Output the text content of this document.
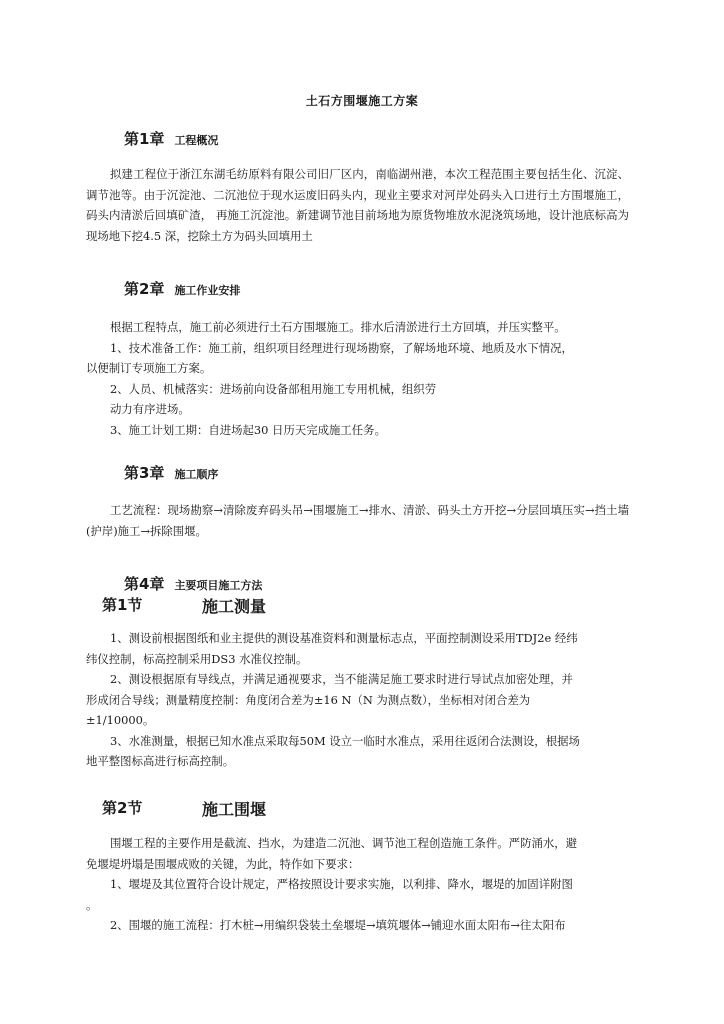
土石方围堰施工方案
第1章 工程概况

拟建工程位于浙江东湖毛纺原料有限公司旧厂区内，南临湖州港，本次工程范围主要包括生化、沉淀、调节池等。由于沉淀池、二沉池位于现水运废旧码头内，现业主要求对河岸处码头入口进行土方围堰施工，码头内清淤后回填矿渣， 再施工沉淀池。新建调节池目前场地为原货物堆放水泥浇筑场地，设计池底标高为现场地下挖4.5 深，挖除土方为码头回填用土

第2章 施工作业安排
根据工程特点，施工前必须进行土石方围堰施工。排水后清淤进行土方回填，并压实整平。
1、技术准备工作：施工前，组织项目经理进行现场勘察，了解场地环境、地质及水下情况，
以便制订专项施工方案。
2、人员、机械落实：进场前向设备部租用施工专用机械，组织劳
动力有序进场。
3、施工计划工期：自进场起30 日历天完成施工任务。
第3章 施工顺序

工艺流程：现场勘察→清除废弃码头吊→围堰施工→排水、清淤、码头土方开挖→分层回填压实→挡土墙(护岸)施工→拆除围堰。

第4章 主要项目施工方法
第1节	施工测量
1、测设前根据图纸和业主提供的测设基准资料和测量标志点，平面控制测设采用TDJ2e 经纬
纬仪控制，标高控制采用DS3 水准仪控制。
2、测设根据原有导线点，并满足通视要求，当不能满足施工要求时进行导试点加密处理，并
形成闭合导线；测量精度控制：角度闭合差为±16 N（N 为测点数），坐标相对闭合差为
±1/10000。
3、水准测量，根据已知水准点采取每50M 设立一临时水准点，采用往返闭合法测设，根据场
地平整图标高进行标高控制。
第2节	施工围堰
围堰工程的主要作用是截流、挡水，为建造二沉池、调节池工程创造施工条件。严防涌水，避
免堰堤坍塌是围堰成败的关键，为此，特作如下要求：
1、堰堤及其位置符合设计规定，严格按照设计要求实施，以利排、降水，堰堤的加固详附图
。
2、围堰的施工流程：打木桩→用编织袋装土垒堰堤→填筑堰体→铺迎水面太阳布→往太阳布
